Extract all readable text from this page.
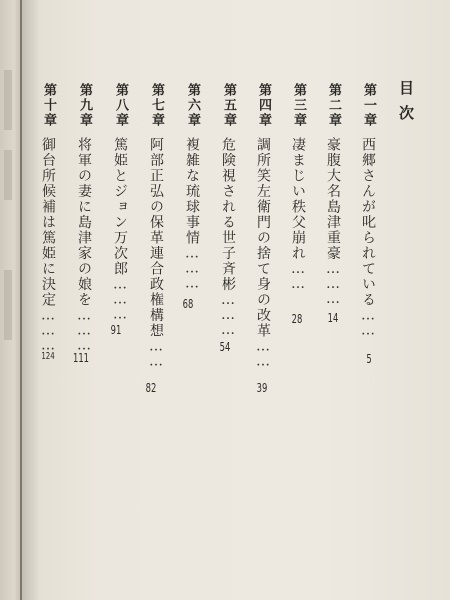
目次
第一章
西郷さんが叱られている……
5
第二章
豪腹大名島津重豪………
14
第三章
凄まじい秩父崩れ……
28
第四章
調所笑左衛門の捨て身の改革……
39
第五章
危険視される世子斉彬………
54
第六章
複雑な琉球事情………
68
第七章
阿部正弘の保革連合政権構想……
82
第八章
篤姫とジョン万次郎………
91
第九章
将軍の妻に島津家の娘を………
111
第十章
御台所候補は篤姫に決定………
124
